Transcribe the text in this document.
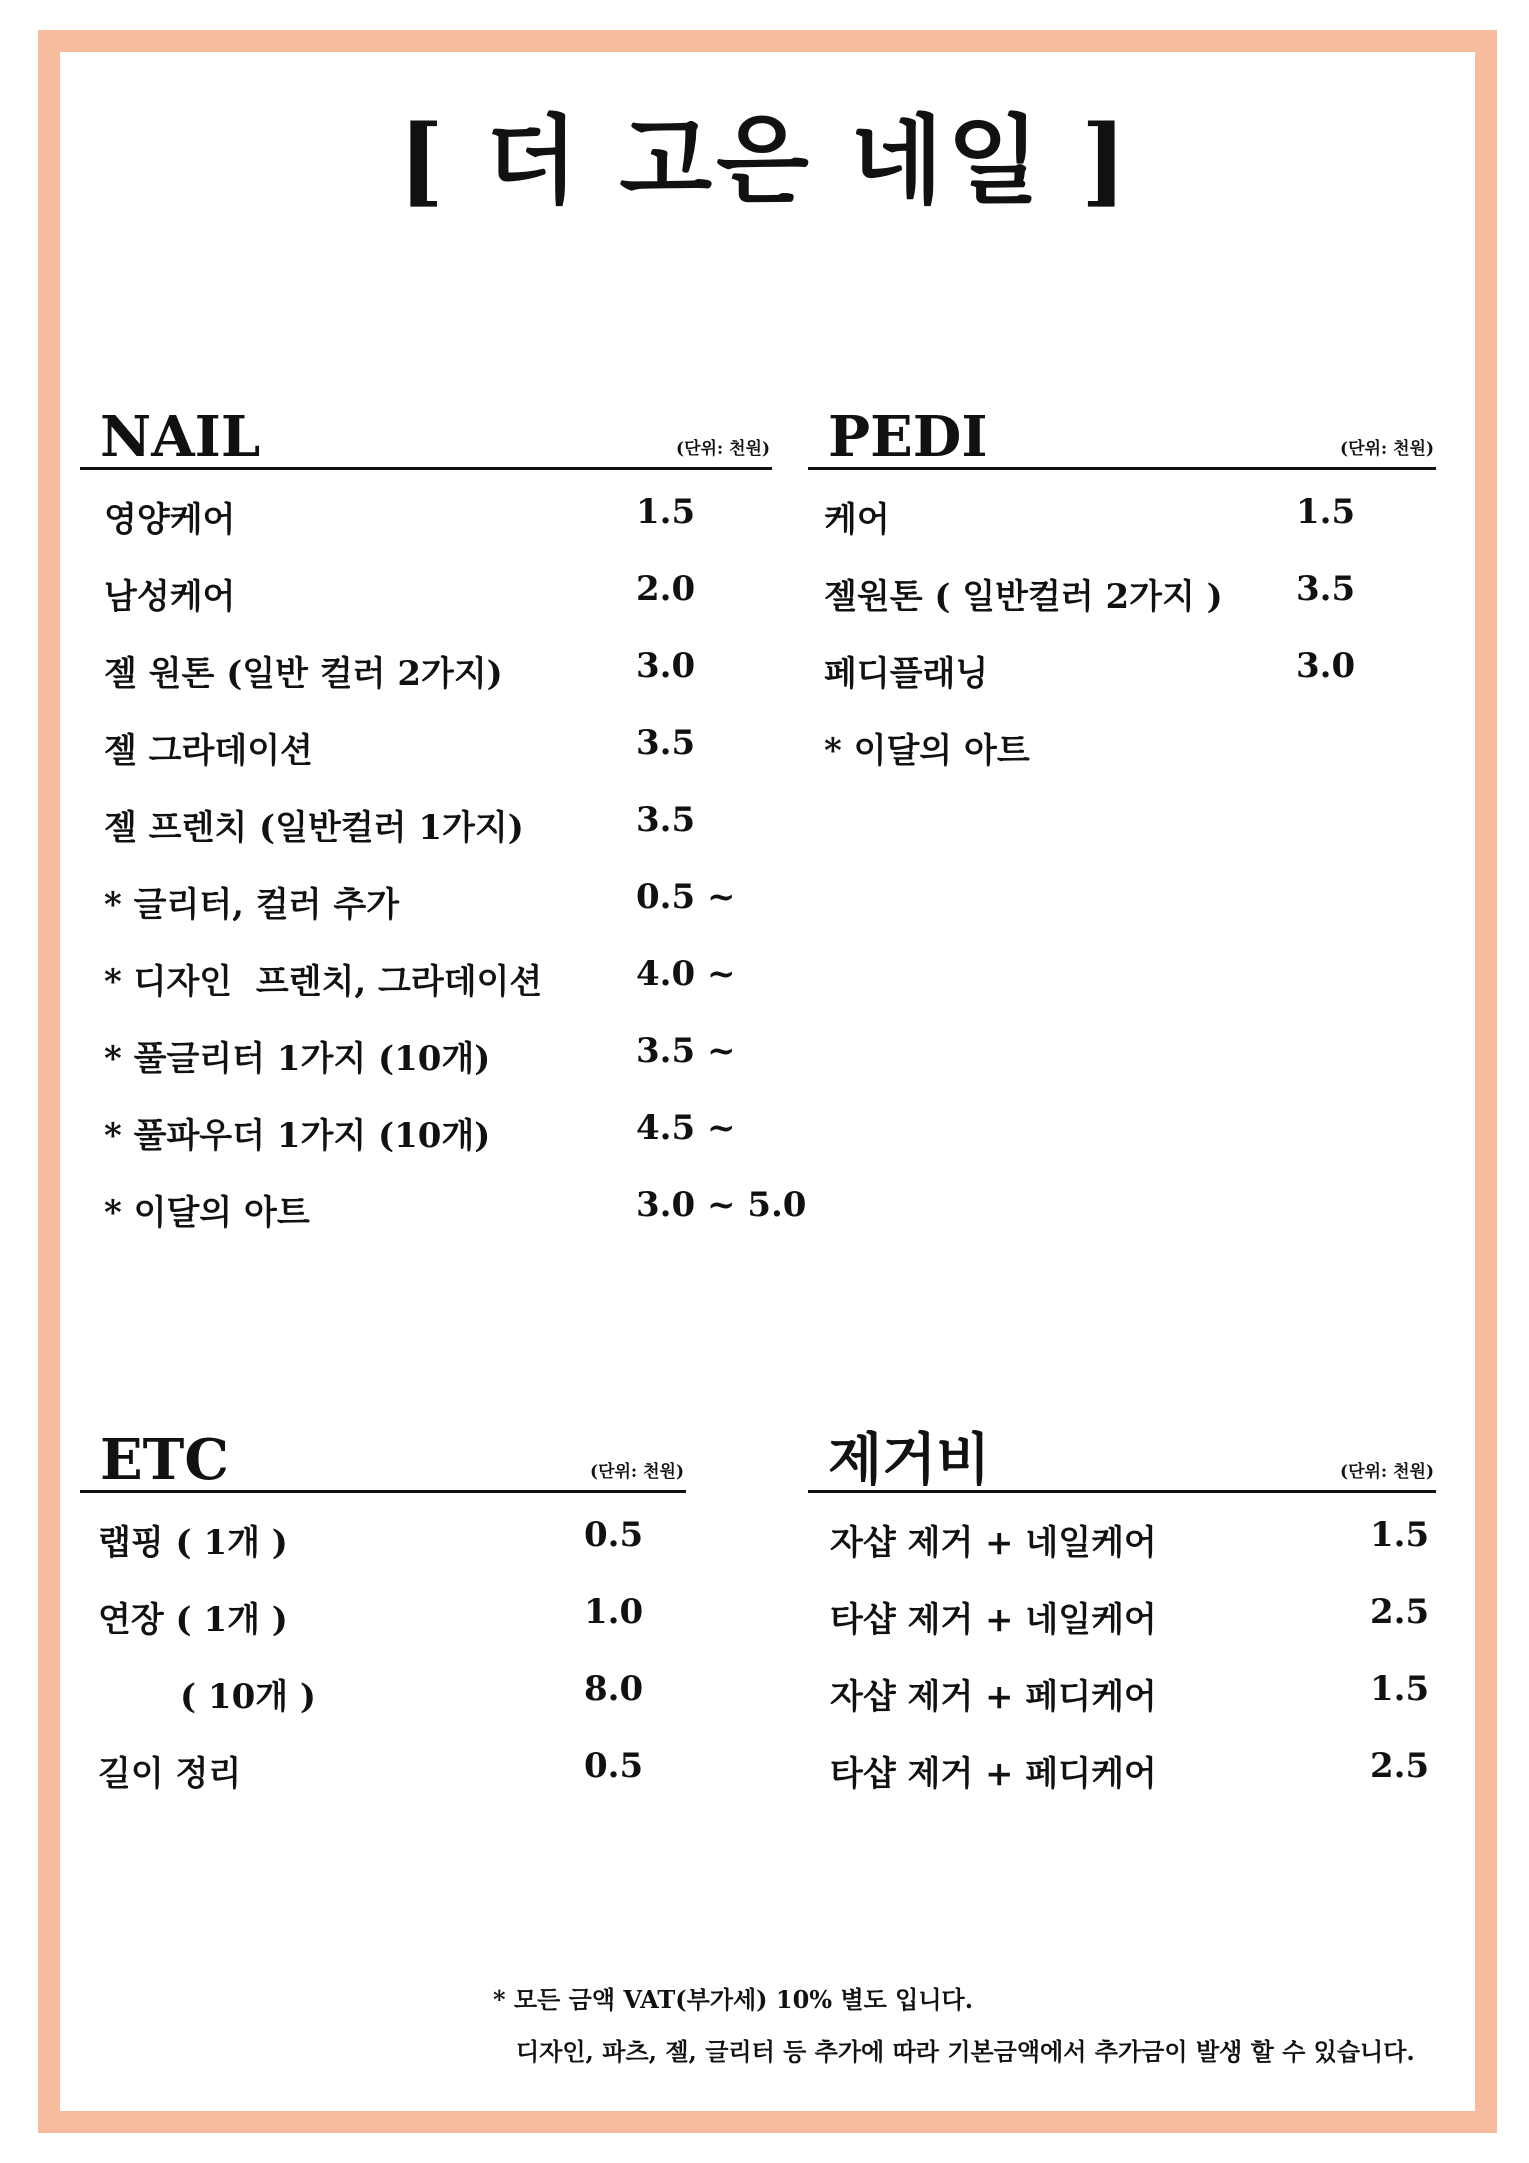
[ 더 고은 네일 ]
NAIL	(단위: 천원)
영양케어	1.5
남성케어	2.0
젤 원톤 (일반 컬러 2가지)	3.0
젤 그라데이션	3.5
젤 프렌치 (일반컬러 1가지)	3.5
* 글리터, 컬러 추가	0.5 ~
* 디자인  프렌치, 그라데이션	4.0 ~
* 풀글리터 1가지 (10개)	3.5 ~
* 풀파우더 1가지 (10개)	4.5 ~
* 이달의 아트	3.0 ~ 5.0
PEDI	(단위: 천원)
케어	1.5
젤원톤 ( 일반컬러 2가지 ) 3.5
페디플래닝	3.0
* 이달의 아트
ETC	(단위: 천원)
랩핑 ( 1개 )	0.5
연장 ( 1개 )	1.0
( 10개 )	8.0
길이 정리	0.5
제거비	(단위: 천원)
자샵 제거 + 네일케어	1.5
타샵 제거 + 네일케어	2.5
자샵 제거 + 페디케어	1.5
타샵 제거 + 페디케어	2.5
* 모든 금액 VAT(부가세) 10% 별도 입니다.
디자인, 파츠, 젤, 글리터 등 추가에 따라 기본금액에서 추가금이 발생 할 수 있습니다.
